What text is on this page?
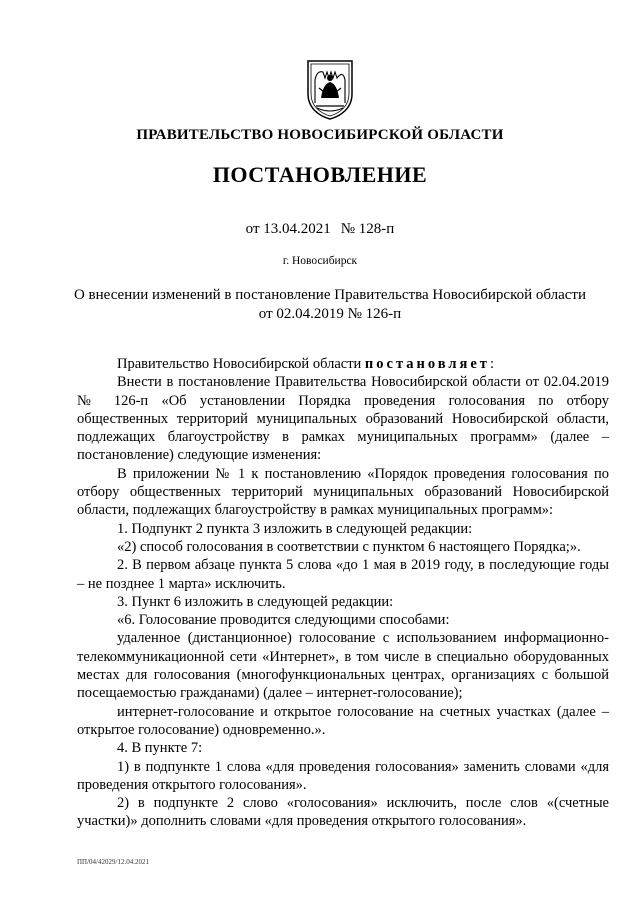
ПРАВИТЕЛЬСТВО НОВОСИБИРСКОЙ ОБЛАСТИ
ПОСТАНОВЛЕНИЕ
от 13.04.2021 № 128-п
г. Новосибирск
О внесении изменений в постановление Правительства Новосибирской области
от 02.04.2019 № 126-п

Правительство Новосибирской области постановляет:

Внести в постановление Правительства Новосибирской области от 02.04.2019 № 126-п «Об установлении Порядка проведения голосования по отбору общественных территорий муниципальных образований Новосибирской области, подлежащих благоустройству в рамках муниципальных программ» (далее – постановление) следующие изменения:

В приложении № 1 к постановлению «Порядок проведения голосования по отбору общественных территорий муниципальных образований Новосибирской области, подлежащих благоустройству в рамках муниципальных программ»:

1. Подпункт 2 пункта 3 изложить в следующей редакции:

«2) способ голосования в соответствии с пунктом 6 настоящего Порядка;».

2. В первом абзаце пункта 5 слова «до 1 мая в 2019 году, в последующие годы – не позднее 1 марта» исключить.

3. Пункт 6 изложить в следующей редакции:

«6. Голосование проводится следующими способами:

удаленное (дистанционное) голосование с использованием информационно-телекоммуникационной сети «Интернет», в том числе в специально оборудованных местах для голосования (многофункциональных центрах, организациях с большой посещаемостью гражданами) (далее – интернет-голосование);

интернет-голосование и открытое голосование на счетных участках (далее – открытое голосование) одновременно.».

4. В пункте 7:

1) в подпункте 1 слова «для проведения голосования» заменить словами «для проведения открытого голосования».

2) в подпункте 2 слово «голосования» исключить, после слов «(счетные участки)» дополнить словами «для проведения открытого голосования».

ПП/04/42029/12.04.2021
